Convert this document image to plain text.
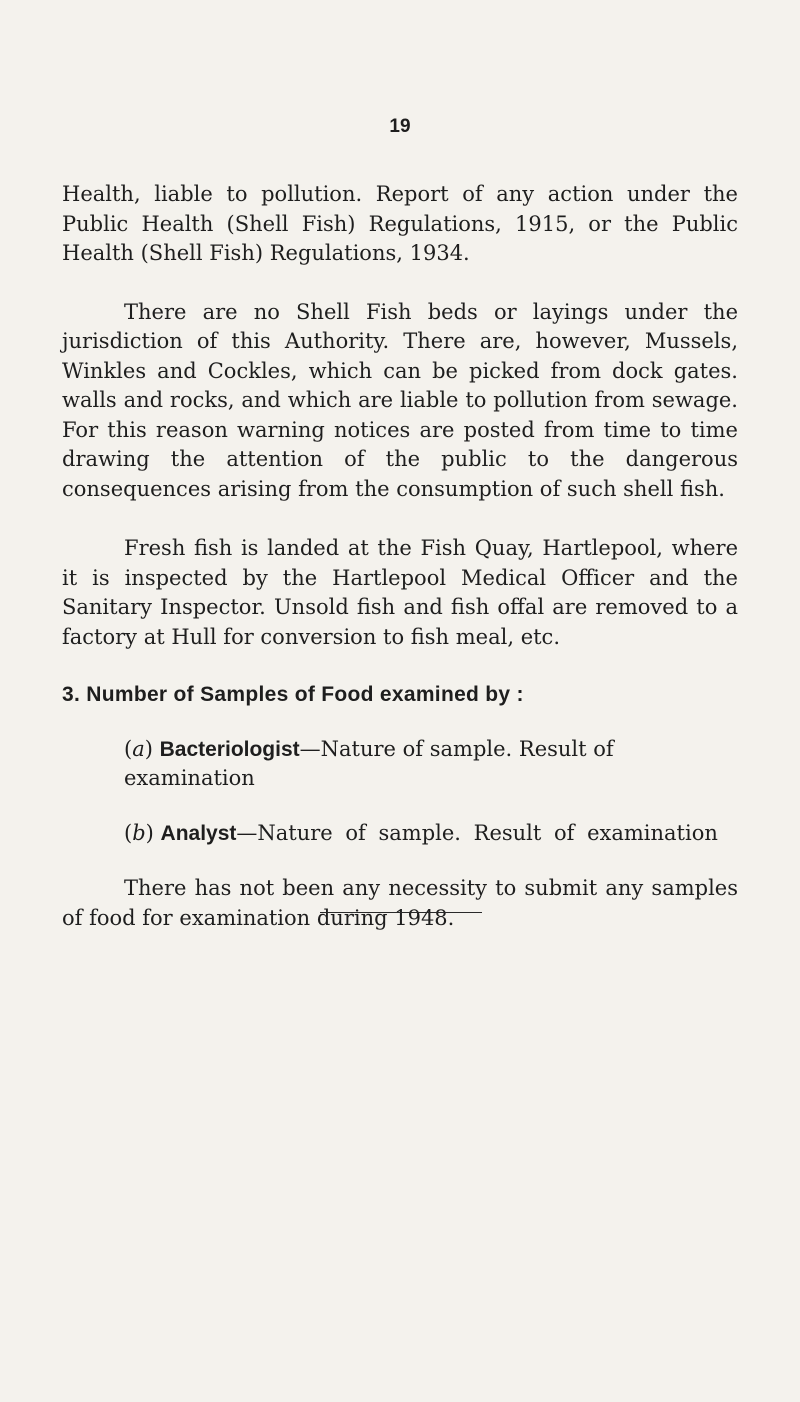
19

Health, liable to pollution. Report of any action under the Public Health (Shell Fish) Regulations, 1915, or the Public Health (Shell Fish) Regulations, 1934.

There are no Shell Fish beds or layings under the jurisdiction of this Authority. There are, however, Mussels, Winkles and Cockles, which can be picked from dock gates. walls and rocks, and which are liable to pollution from sewage. For this reason warning notices are posted from time to time drawing the attention of the public to the dangerous consequences arising from the consumption of such shell fish.

Fresh fish is landed at the Fish Quay, Hartlepool, where it is inspected by the Hartlepool Medical Officer and the Sanitary Inspector. Unsold fish and fish offal are removed to a factory at Hull for conversion to fish meal, etc.

3. Number of Samples of Food examined by :

(a) Bacteriologist—Nature of sample. Result of examination

(b) Analyst—Nature of sample. Result of examination

There has not been any necessity to submit any samples of food for examination during 1948.
